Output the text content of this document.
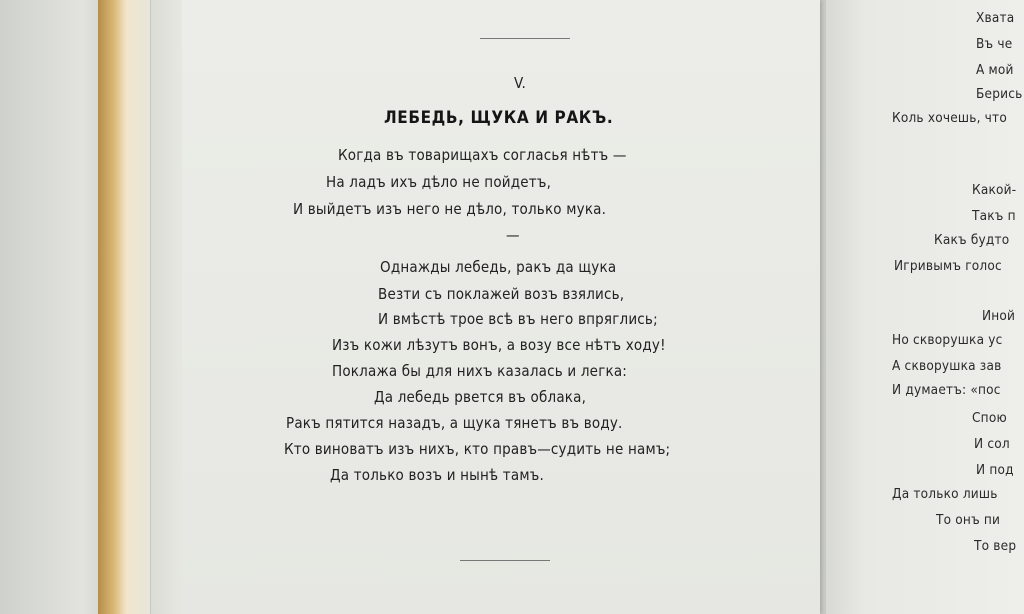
V.
ЛЕБЕДЬ, ЩУКА И РАКЪ.
Когда въ товарищахъ согласья нѣтъ —
На ладъ ихъ дѣло не пойдетъ,
И выйдетъ изъ него не дѣло, только мука.
—
Однажды лебедь, ракъ да щука
Везти съ поклажей возъ взялись,
И вмѣстѣ трое всѣ въ него впряглись;
Изъ кожи лѣзутъ вонъ, а возу все нѣтъ ходу!
Поклажа бы для нихъ казалась и легка:
Да лебедь рвется въ облака,
Ракъ пятится назадъ, а щука тянетъ въ воду.
Кто виноватъ изъ нихъ, кто правъ—судить не намъ;
Да только возъ и нынѣ тамъ.
Хвата
Въ че
А мой
Берись
Коль хочешь, что
Какой-
Такъ п
Какъ будто
Игривымъ голос
Иной
Но скворушка ус
А скворушка зав
И думаетъ: «пос
Спою
И сол
И под
Да только лишь
То онъ пи
То вер
